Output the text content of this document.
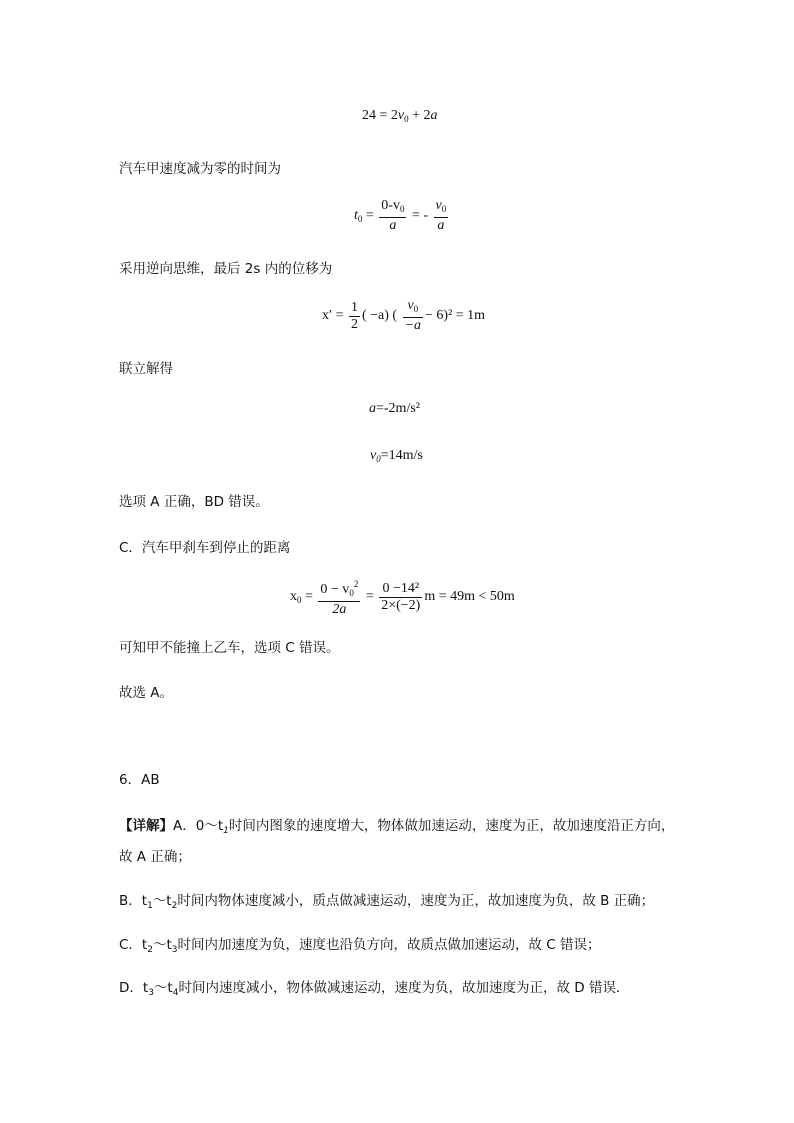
$24 = 2v_0 + 2a$
汽车甲速度减为零的时间为
$t_0 = \frac{0-v_0}{a}$ = - $\frac{v_0}{a}$
采用逆向思维，最后 2s 内的位移为
$x' = \frac{1}{2}$ ( −a) ( $\frac{v_0}{-a} - 6)^2 = 1m$
联立解得
a=-2m/s²
$v_0=14m/s$
选项 A 正确，BD 错误。
C．汽车甲刹车到停止的距离
$x_0 = \frac{0 - v_0^2}{2a} = \frac{\text{0 −14²}}{2\times(-2)}$ m = 49m < 50m
可知甲不能撞上乙车，选项 C 错误。
故选 A。
6．AB
【详解】A．$0\sim t_1$时间内图象的速度增大，物体做加速运动，速度为正，故加速度沿正方向，
故 A 正确；
B．$t_1\sim t_2$时间内物体速度减小，质点做减速运动，速度为正，故加速度为负，故 B 正确；
C．$t_2\sim t_3$时间内加速度为负，速度也沿负方向，故质点做加速运动，故 C 错误；
D．$t_3\sim t_4$时间内速度减小，物体做减速运动，速度为负，故加速度为正，故 D 错误．
